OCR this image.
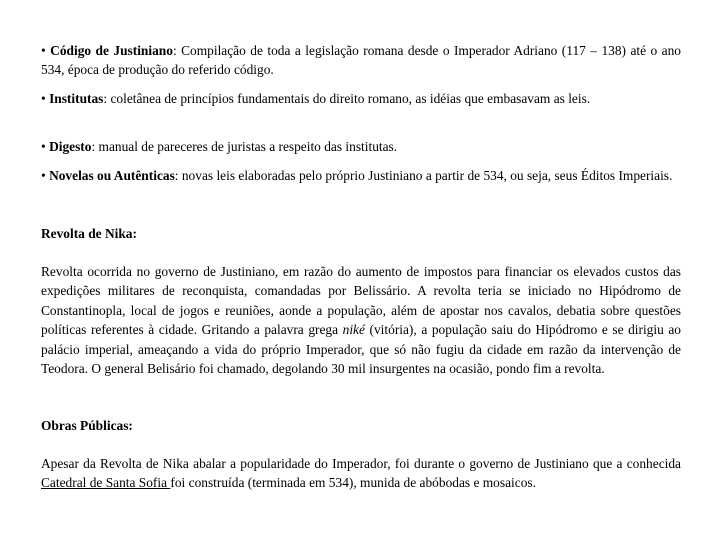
• Código de Justiniano: Compilação de toda a legislação romana desde o Imperador Adriano (117 – 138) até o ano 534, época de produção do referido código.

• Institutas: coletânea de princípios fundamentais do direito romano, as idéias que embasavam as leis.

• Digesto: manual de pareceres de juristas a respeito das institutas.

• Novelas ou Autênticas: novas leis elaboradas pelo próprio Justiniano a partir de 534, ou seja, seus Éditos Imperiais.

Revolta de Nika:

Revolta ocorrida no governo de Justiniano, em razão do aumento de impostos para financiar os elevados custos das expedições militares de reconquista, comandadas por Belissário. A revolta teria se iniciado no Hipódromo de Constantinopla, local de jogos e reuniões, aonde a população, além de apostar nos cavalos, debatia sobre questões políticas referentes à cidade. Gritando a palavra grega niké (vitória), a população saiu do Hipódromo e se dirigiu ao palácio imperial, ameaçando a vida do próprio Imperador, que só não fugiu da cidade em razão da intervenção de Teodora. O general Belisário foi chamado, degolando 30 mil insurgentes na ocasião, pondo fim a revolta.

Obras Públicas:

Apesar da Revolta de Nika abalar a popularidade do Imperador, foi durante o governo de Justiniano que a conhecida Catedral de Santa Sofia foi construída (terminada em 534), munida de abóbodas e mosaicos.
